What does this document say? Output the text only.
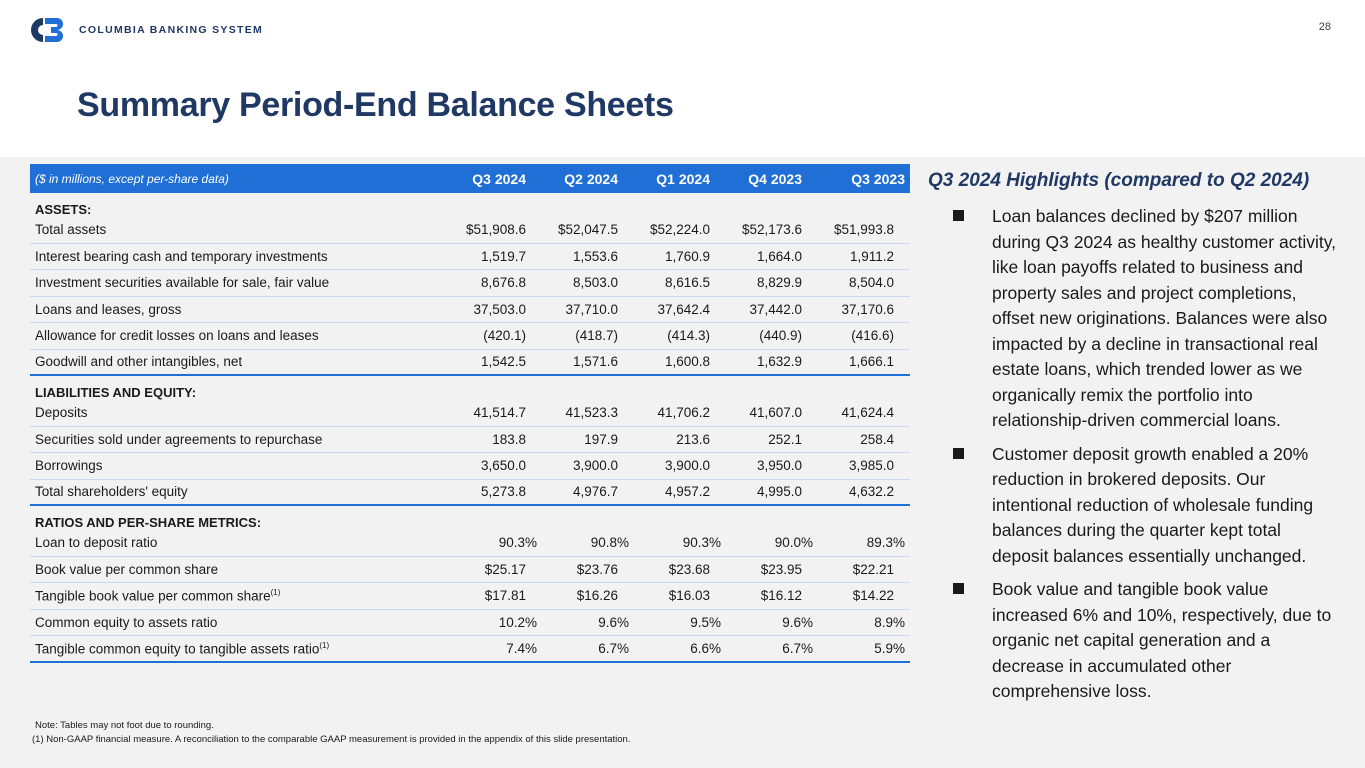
COLUMBIA BANKING SYSTEM	28
Summary Period-End Balance Sheets
($ in millions, except per-share data)	Q3 2024	Q2 2024	Q1 2024	Q4 2023	Q3 2023
ASSETS:
Total assets	$51,908.6	$52,047.5	$52,224.0	$52,173.6	$51,993.8
Interest bearing cash and temporary investments	1,519.7	1,553.6	1,760.9	1,664.0	1,911.2
Investment securities available for sale, fair value	8,676.8	8,503.0	8,616.5	8,829.9	8,504.0
Loans and leases, gross	37,503.0	37,710.0	37,642.4	37,442.0	37,170.6
Allowance for credit losses on loans and leases	(420.1)	(418.7)	(414.3)	(440.9)	(416.6)
Goodwill and other intangibles, net	1,542.5	1,571.6	1,600.8	1,632.9	1,666.1
LIABILITIES AND EQUITY:
Deposits	41,514.7	41,523.3	41,706.2	41,607.0	41,624.4
Securities sold under agreements to repurchase	183.8	197.9	213.6	252.1	258.4
Borrowings	3,650.0	3,900.0	3,900.0	3,950.0	3,985.0
Total shareholders' equity	5,273.8	4,976.7	4,957.2	4,995.0	4,632.2
RATIOS AND PER-SHARE METRICS:
Loan to deposit ratio	90.3%	90.8%	90.3%	90.0%	89.3%
Book value per common share	$25.17	$23.76	$23.68	$23.95	$22.21
Tangible book value per common share$^{(1)}$	$17.81	$16.26	$16.03	$16.12	$14.22
Common equity to assets ratio	10.2%	9.6%	9.5%	9.6%	8.9%
Tangible common equity to tangible assets ratio$^{(1)}$	7.4%	6.7%	6.6%	6.7%	5.9%
Note: Tables may not foot due to rounding.
(1) Non-GAAP financial measure. A reconciliation to the comparable GAAP measurement is provided in the appendix of this slide presentation.
Q3 2024 Highlights (compared to Q2 2024)
Loan balances declined by $207 million during Q3 2024 as healthy customer activity, like loan payoffs related to business and property sales and project completions, offset new originations. Balances were also impacted by a decline in transactional real estate loans, which trended lower as we organically remix the portfolio into relationship-driven commercial loans.
Customer deposit growth enabled a 20% reduction in brokered deposits. Our intentional reduction of wholesale funding balances during the quarter kept total deposit balances essentially unchanged.
Book value and tangible book value increased 6% and 10%, respectively, due to organic net capital generation and a decrease in accumulated other comprehensive loss.
